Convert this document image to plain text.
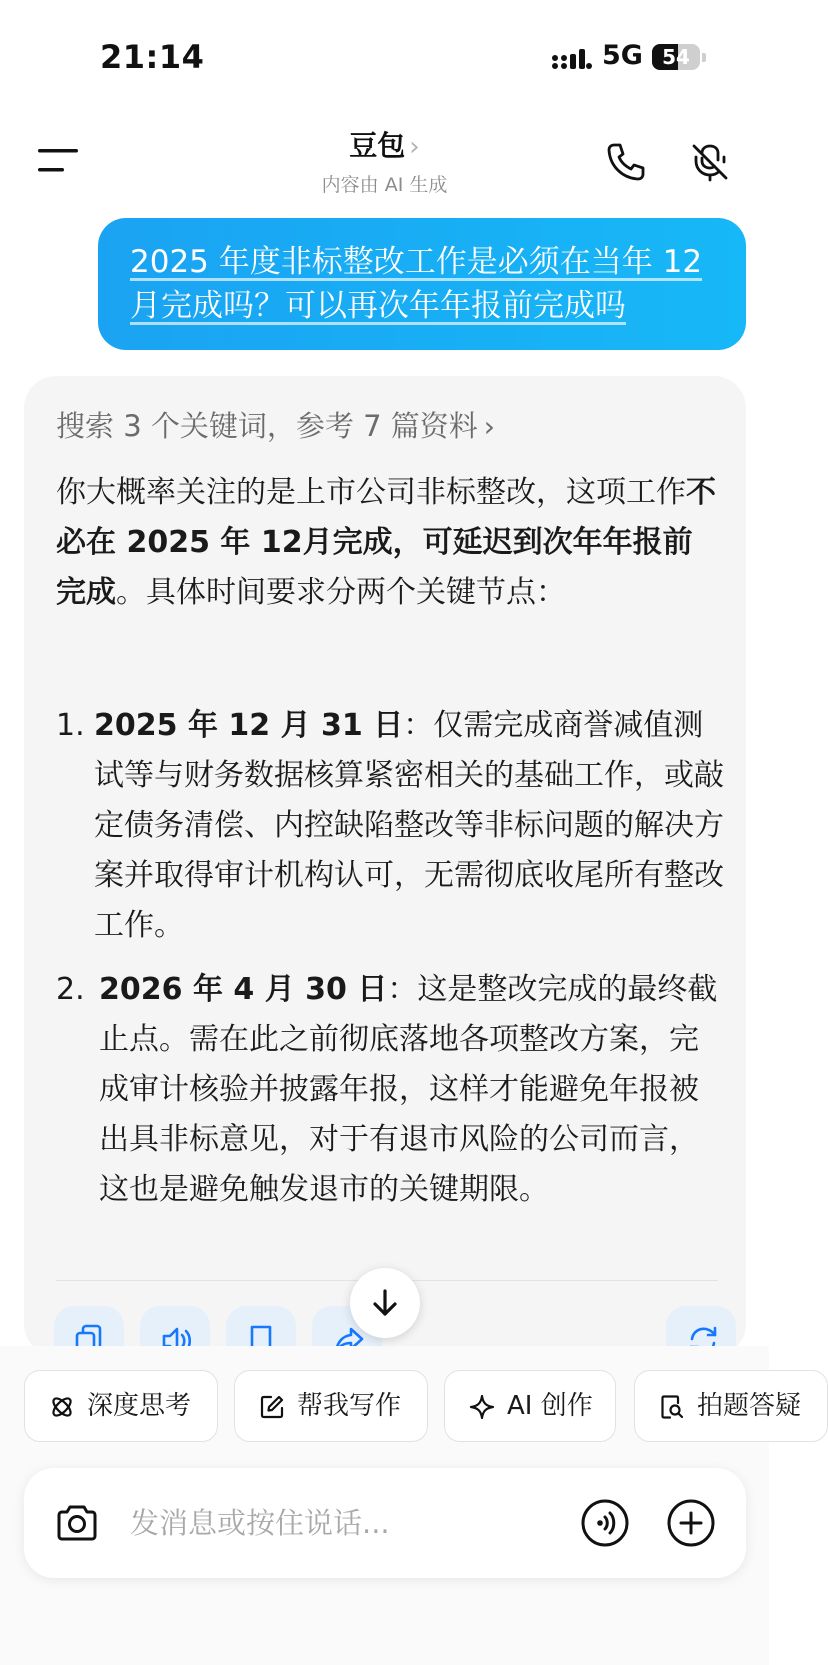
21:14	5G 54
豆包 ›
内容由 AI 生成
2025 年度非标整改工作是必须在当年 12 月完成吗？可以再次年年报前完成吗
搜索 3 个关键词，参考 7 篇资料 ›
你大概率关注的是上市公司非标整改，这项工作不必在 2025 年 12月完成，可延迟到次年年报前完成。具体时间要求分两个关键节点：
1. 2025 年 12 月 31 日：仅需完成商誉减值测试等与财务数据核算紧密相关的基础工作，或敲定债务清偿、内控缺陷整改等非标问题的解决方案并取得审计机构认可，无需彻底收尾所有整改工作。
2. 2026 年 4 月 30 日：这是整改完成的最终截止点。需在此之前彻底落地各项整改方案，完成审计核验并披露年报，这样才能避免年报被出具非标意见，对于有退市风险的公司而言，这也是避免触发退市的关键期限。
深度思考	帮我写作	AI 创作	拍题答疑
发消息或按住说话...
